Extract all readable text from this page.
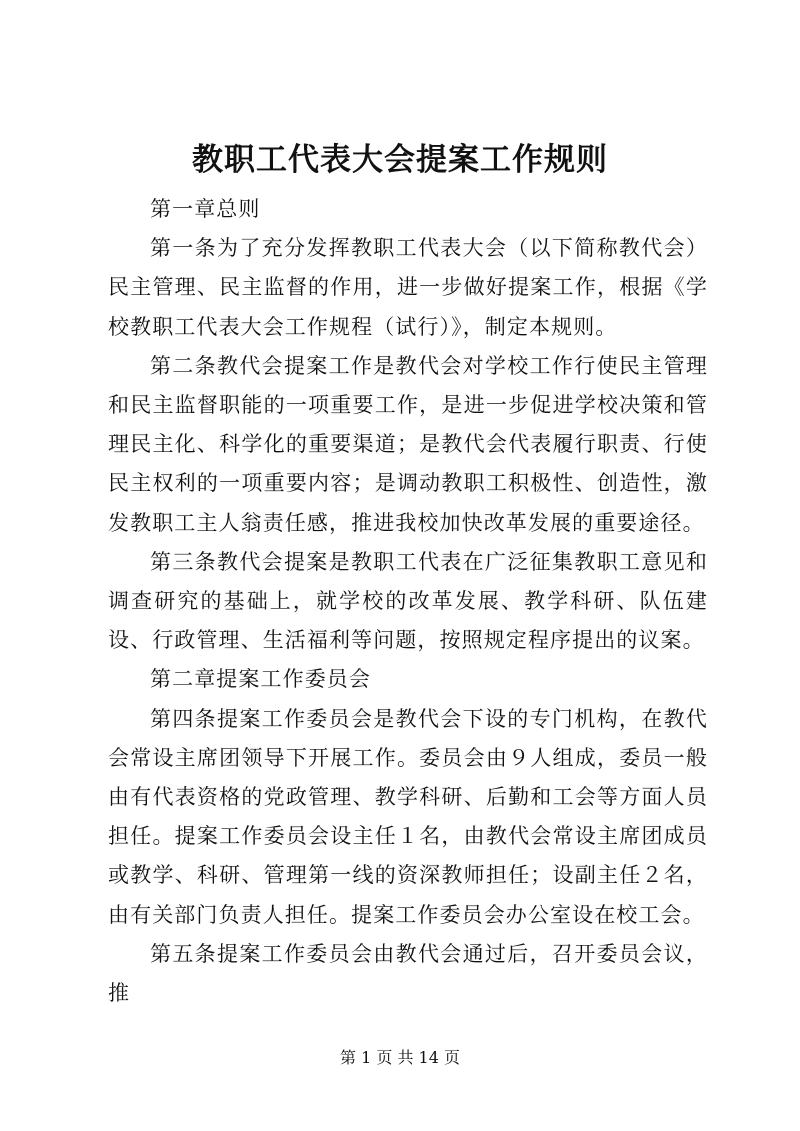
教职工代表大会提案工作规则

第一章总则

第一条为了充分发挥教职工代表大会（以下简称教代会）民主管理、民主监督的作用，进一步做好提案工作，根据《学校教职工代表大会工作规程（试行）》，制定本规则。

第二条教代会提案工作是教代会对学校工作行使民主管理和民主监督职能的一项重要工作，是进一步促进学校决策和管理民主化、科学化的重要渠道；是教代会代表履行职责、行使民主权利的一项重要内容；是调动教职工积极性、创造性，激发教职工主人翁责任感，推进我校加快改革发展的重要途径。

第三条教代会提案是教职工代表在广泛征集教职工意见和调查研究的基础上，就学校的改革发展、教学科研、队伍建设、行政管理、生活福利等问题，按照规定程序提出的议案。

第二章提案工作委员会

第四条提案工作委员会是教代会下设的专门机构，在教代会常设主席团领导下开展工作。委员会由９人组成，委员一般由有代表资格的党政管理、教学科研、后勤和工会等方面人员担任。提案工作委员会设主任１名，由教代会常设主席团成员或教学、科研、管理第一线的资深教师担任；设副主任２名，由有关部门负责人担任。提案工作委员会办公室设在校工会。

第五条提案工作委员会由教代会通过后，召开委员会议，推

第 1 页 共 14 页
